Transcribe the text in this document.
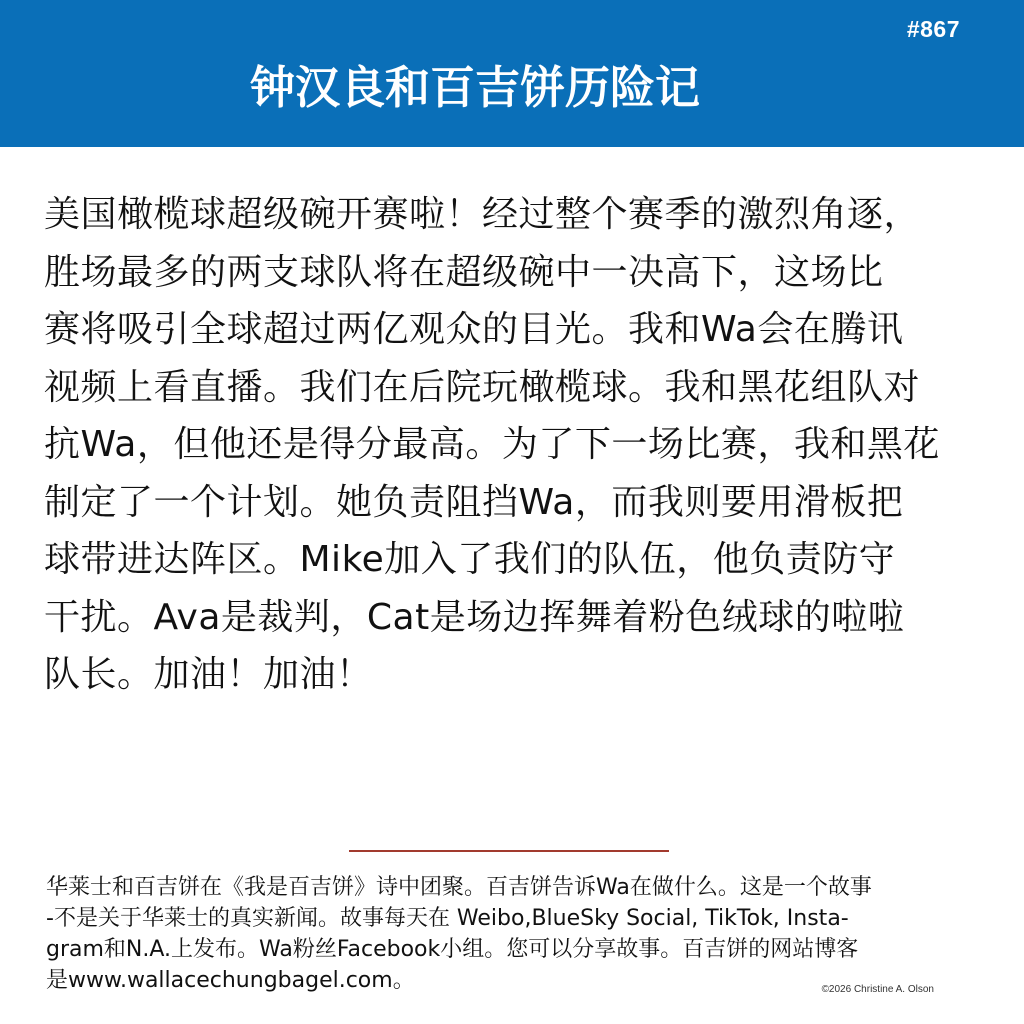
#867
钟汉良和百吉饼历险记
美国橄榄球超级碗开赛啦！经过整个赛季的激烈角逐，
胜场最多的两支球队将在超级碗中一决高下，这场比
赛将吸引全球超过两亿观众的目光。我和Wa会在腾讯
视频上看直播。我们在后院玩橄榄球。我和黑花组队对
抗Wa，但他还是得分最高。为了下一场比赛，我和黑花
制定了一个计划。她负责阻挡Wa，而我则要用滑板把
球带进达阵区。Mike加入了我们的队伍，他负责防守
干扰。Ava是裁判，Cat是场边挥舞着粉色绒球的啦啦
队长。加油！加油！
华莱士和百吉饼在《我是百吉饼》诗中团聚。百吉饼告诉Wa在做什么。这是一个故事
-不是关于华莱士的真实新闻。故事每天在 Weibo,BlueSky Social, TikTok, Insta-
gram和N.A.上发布。Wa粉丝Facebook小组。您可以分享故事。百吉饼的网站博客
是www.wallacechungbagel.com。	©2026 Christine A. Olson
